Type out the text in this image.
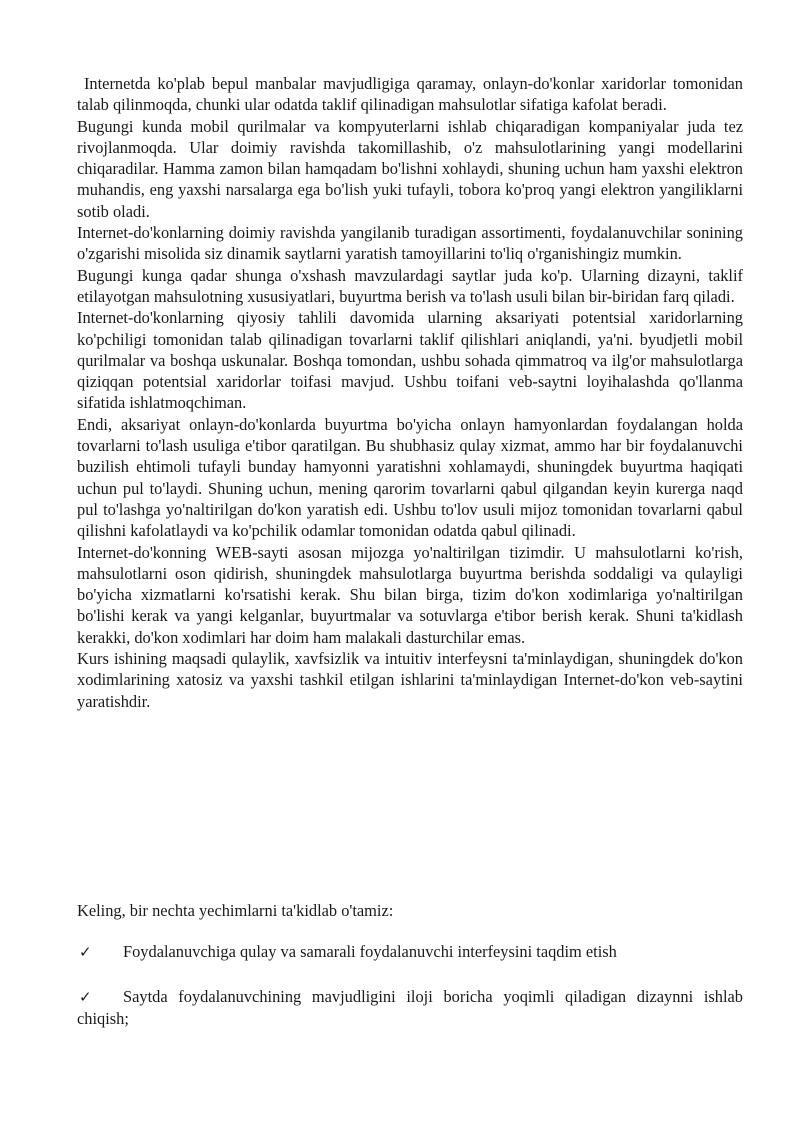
Internetda ko'plab bepul manbalar mavjudligiga qaramay, onlayn-do'konlar xaridorlar tomonidan talab qilinmoqda, chunki ular odatda taklif qilinadigan mahsulotlar sifatiga kafolat beradi.

Bugungi kunda mobil qurilmalar va kompyuterlarni ishlab chiqaradigan kompaniyalar juda tez rivojlanmoqda. Ular doimiy ravishda takomillashib, o'z mahsulotlarining yangi modellarini chiqaradilar. Hamma zamon bilan hamqadam bo'lishni xohlaydi, shuning uchun ham yaxshi elektron muhandis, eng yaxshi narsalarga ega bo'lish yuki tufayli, tobora ko'proq yangi elektron yangiliklarni sotib oladi.

Internet-do'konlarning doimiy ravishda yangilanib turadigan assortimenti, foydalanuvchilar sonining o'zgarishi misolida siz dinamik saytlarni yaratish tamoyillarini to'liq o'rganishingiz mumkin.

Bugungi kunga qadar shunga o'xshash mavzulardagi saytlar juda ko'p. Ularning dizayni, taklif etilayotgan mahsulotning xususiyatlari, buyurtma berish va to'lash usuli bilan bir-biridan farq qiladi.

Internet-do'konlarning qiyosiy tahlili davomida ularning aksariyati potentsial xaridorlarning ko'pchiligi tomonidan talab qilinadigan tovarlarni taklif qilishlari aniqlandi, ya'ni. byudjetli mobil qurilmalar va boshqa uskunalar. Boshqa tomondan, ushbu sohada qimmatroq va ilg'or mahsulotlarga qiziqqan potentsial xaridorlar toifasi mavjud. Ushbu toifani veb-saytni loyihalashda qo'llanma sifatida ishlatmoqchiman.

Endi, aksariyat onlayn-do'konlarda buyurtma bo'yicha onlayn hamyonlardan foydalangan holda tovarlarni to'lash usuliga e'tibor qaratilgan. Bu shubhasiz qulay xizmat, ammo har bir foydalanuvchi buzilish ehtimoli tufayli bunday hamyonni yaratishni xohlamaydi, shuningdek buyurtma haqiqati uchun pul to'laydi. Shuning uchun, mening qarorim tovarlarni qabul qilgandan keyin kurerga naqd pul to'lashga yo'naltirilgan do'kon yaratish edi. Ushbu to'lov usuli mijoz tomonidan tovarlarni qabul qilishni kafolatlaydi va ko'pchilik odamlar tomonidan odatda qabul qilinadi.

Internet-do'konning WEB-sayti asosan mijozga yo'naltirilgan tizimdir. U mahsulotlarni ko'rish, mahsulotlarni oson qidirish, shuningdek mahsulotlarga buyurtma berishda soddaligi va qulayligi bo'yicha xizmatlarni ko'rsatishi kerak. Shu bilan birga, tizim do'kon xodimlariga yo'naltirilgan bo'lishi kerak va yangi kelganlar, buyurtmalar va sotuvlarga e'tibor berish kerak. Shuni ta'kidlash kerakki, do'kon xodimlari har doim ham malakali dasturchilar emas.

Kurs ishining maqsadi qulaylik, xavfsizlik va intuitiv interfeysni ta'minlaydigan, shuningdek do'kon xodimlarining xatosiz va yaxshi tashkil etilgan ishlarini ta'minlaydigan Internet-do'kon veb-saytini yaratishdir.

Keling, bir nechta yechimlarni ta'kidlab o'tamiz:

✓ Foydalanuvchiga qulay va samarali foydalanuvchi interfeysini taqdim etish

✓ Saytda foydalanuvchining mavjudligini iloji boricha yoqimli qiladigan dizaynni ishlab chiqish;
